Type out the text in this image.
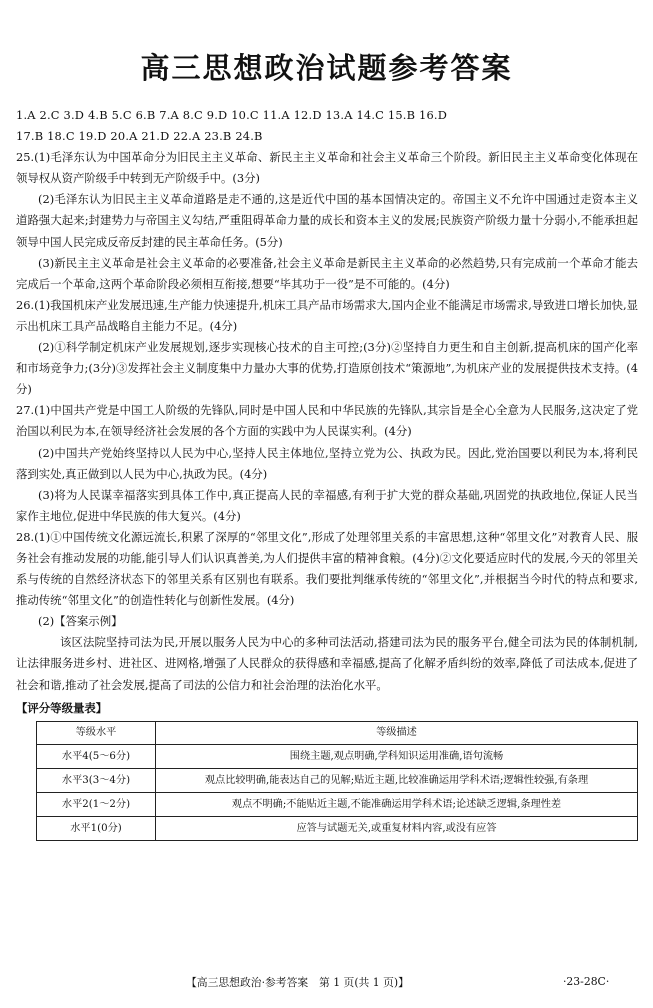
高三思想政治试题参考答案

1.A 2.C 3.D 4.B 5.C 6.B 7.A 8.C 9.D 10.C 11.A 12.D 13.A 14.C 15.B 16.D

17.B 18.C 19.D 20.A 21.D 22.A 23.B 24.B

25.(1)毛泽东认为中国革命分为旧民主主义革命、新民主主义革命和社会主义革命三个阶段。新旧民主主义革命变化体现在领导权从资产阶级手中转到无产阶级手中。(3分)

(2)毛泽东认为旧民主主义革命道路是走不通的,这是近代中国的基本国情决定的。帝国主义不允许中国通过走资本主义道路强大起来;封建势力与帝国主义勾结,严重阻碍革命力量的成长和资本主义的发展;民族资产阶级力量十分弱小,不能承担起领导中国人民完成反帝反封建的民主革命任务。(5分)

(3)新民主主义革命是社会主义革命的必要准备,社会主义革命是新民主主义革命的必然趋势,只有完成前一个革命才能去完成后一个革命,这两个革命阶段必须相互衔接,想要“毕其功于一役”是不可能的。(4分)

26.(1)我国机床产业发展迅速,生产能力快速提升,机床工具产品市场需求大,国内企业不能满足市场需求,导致进口增长加快,显示出机床工具产品战略自主能力不足。(4分)

(2)①科学制定机床产业发展规划,逐步实现核心技术的自主可控;(3分)②坚持自力更生和自主创新,提高机床的国产化率和市场竞争力;(3分)③发挥社会主义制度集中力量办大事的优势,打造原创技术“策源地”,为机床产业的发展提供技术支持。(4分)

27.(1)中国共产党是中国工人阶级的先锋队,同时是中国人民和中华民族的先锋队,其宗旨是全心全意为人民服务,这决定了党治国以利民为本,在领导经济社会发展的各个方面的实践中为人民谋实利。(4分)

(2)中国共产党始终坚持以人民为中心,坚持人民主体地位,坚持立党为公、执政为民。因此,党治国要以利民为本,将利民落到实处,真正做到以人民为中心,执政为民。(4分)

(3)将为人民谋幸福落实到具体工作中,真正提高人民的幸福感,有利于扩大党的群众基础,巩固党的执政地位,保证人民当家作主地位,促进中华民族的伟大复兴。(4分)

28.(1)①中国传统文化源远流长,积累了深厚的“邻里文化”,形成了处理邻里关系的丰富思想,这种“邻里文化”对教育人民、服务社会有推动发展的功能,能引导人们认识真善美,为人们提供丰富的精神食粮。(4分)②文化要适应时代的发展,今天的邻里关系与传统的自然经济状态下的邻里关系有区别也有联系。我们要批判继承传统的“邻里文化”,并根据当今时代的特点和要求,推动传统“邻里文化”的创造性转化与创新性发展。(4分)

(2)【答案示例】

该区法院坚持司法为民,开展以服务人民为中心的多种司法活动,搭建司法为民的服务平台,健全司法为民的体制机制,让法律服务进乡村、进社区、进网格,增强了人民群众的获得感和幸福感,提高了化解矛盾纠纷的效率,降低了司法成本,促进了社会和谐,推动了社会发展,提高了司法的公信力和社会治理的法治化水平。

【评分等级量表】

等级水平	等级描述
水平4(5～6分)	围绕主题,观点明确,学科知识运用准确,语句流畅
水平3(3～4分)	观点比较明确,能表达自己的见解;贴近主题,比较准确运用学科术语;逻辑性较强,有条理
水平2(1～2分)	观点不明确;不能贴近主题,不能准确运用学科术语;论述缺乏逻辑,条理性差
水平1(0分)	应答与试题无关,或重复材料内容,或没有应答
【高三思想政治·参考答案　第 1 页(共 1 页)】	·23-28C·
